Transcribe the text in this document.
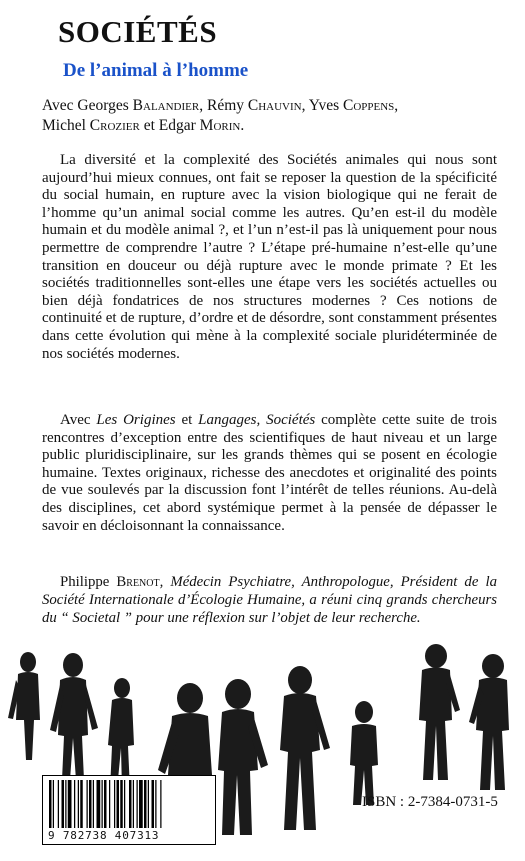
SOCIÉTÉS
De l’animal à l’homme
Avec Georges Balandier, Rémy Chauvin, Yves Coppens,
Michel Crozier et Edgar Morin.

La diversité et la complexité des Sociétés animales qui nous sont aujourd’hui mieux connues, ont fait se reposer la question de la spécificité du social humain, en rupture avec la vision biologique qui ne ferait de l’homme qu’un animal social comme les autres. Qu’en est-il du modèle humain et du modèle animal ?, et l’un n’est-il pas là uniquement pour nous permettre de comprendre l’autre ? L’étape pré-humaine n’est-elle qu’une transition en douceur ou déjà rupture avec le monde primate ? Et les sociétés traditionnelles sont-elles une étape vers les sociétés actuelles ou bien déjà fondatrices de nos structures modernes ? Ces notions de continuité et de rupture, d’ordre et de désordre, sont constamment présentes dans cette évolution qui mène à la complexité sociale pluridéterminée de nos sociétés modernes.

Avec Les Origines et Langages, Sociétés complète cette suite de trois rencontres d’exception entre des scientifiques de haut niveau et un large public pluridisciplinaire, sur les grands thèmes qui se posent en écologie humaine. Textes originaux, richesse des anecdotes et originalité des points de vue soulevés par la discussion font l’intérêt de telles réunions. Au-delà des disciplines, cet abord systémique permet à la pensée de dépasser le savoir en décloisonnant la connaissance.

Philippe Brenot, Médecin Psychiatre, Anthropologue, Président de la Société Internationale d’Écologie Humaine, a réuni cinq grands chercheurs du “ Societal ” pour une réflexion sur l’objet de leur recherche.

9 782738 407313
ISBN : 2-7384-0731-5
